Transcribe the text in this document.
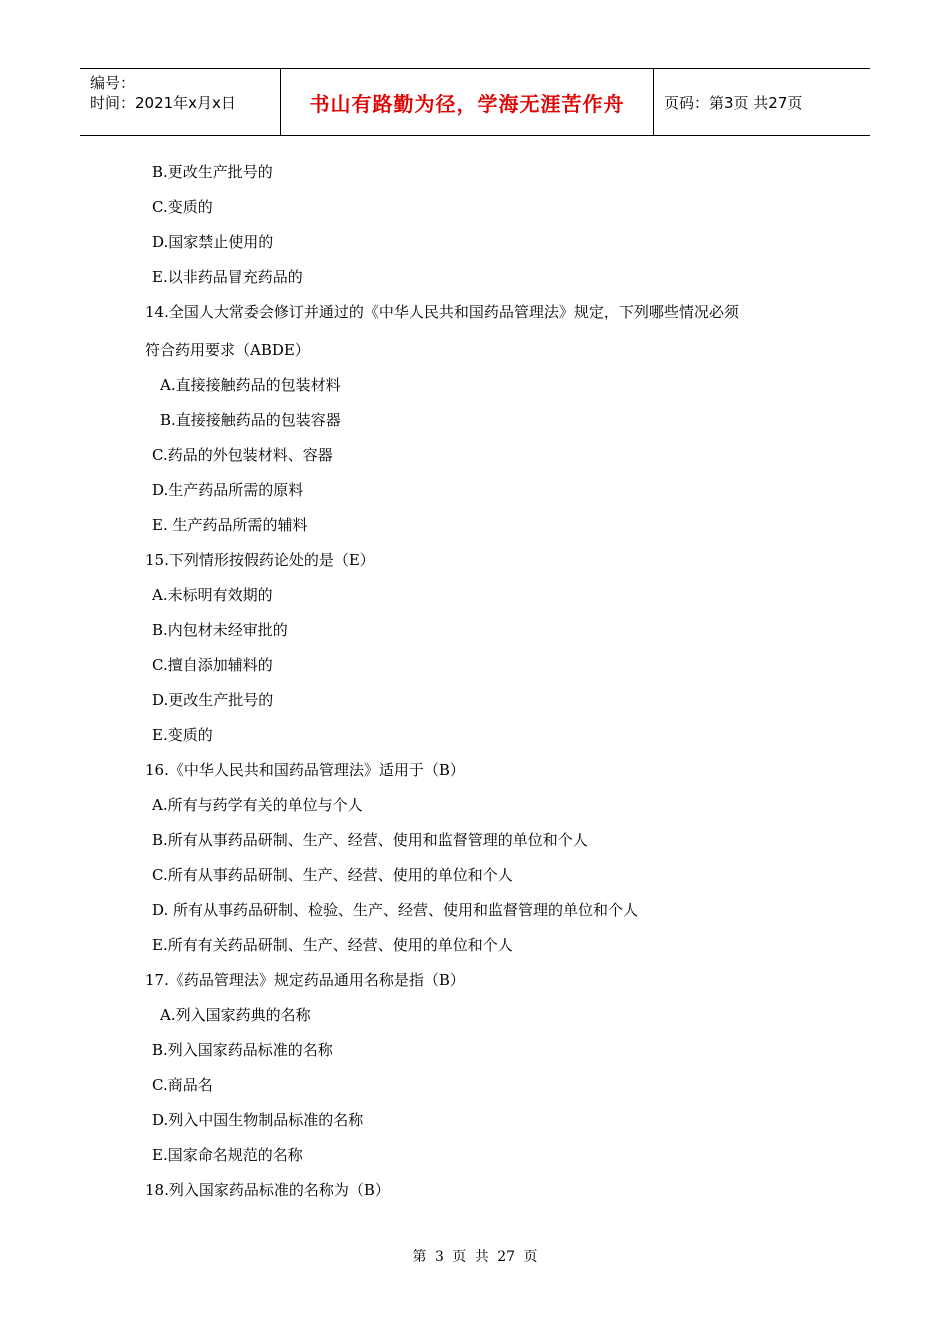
编号：
时间：2021年x月x日	书山有路勤为径，学海无涯苦作舟	页码：第3页 共27页
B.更改生产批号的
C.变质的
D.国家禁止使用的
E.以非药品冒充药品的
14.全国人大常委会修订并通过的《中华人民共和国药品管理法》规定，下列哪些情况必须
符合药用要求（ABDE）
A.直接接触药品的包装材料
B.直接接触药品的包装容器
C.药品的外包装材料、容器
D.生产药品所需的原料
E. 生产药品所需的辅料
15.下列情形按假药论处的是（E）
A.未标明有效期的
B.内包材未经审批的
C.擅自添加辅料的
D.更改生产批号的
E.变质的
16.《中华人民共和国药品管理法》适用于（B）
A.所有与药学有关的单位与个人
B.所有从事药品研制、生产、经营、使用和监督管理的单位和个人
C.所有从事药品研制、生产、经营、使用的单位和个人
D. 所有从事药品研制、检验、生产、经营、使用和监督管理的单位和个人
E.所有有关药品研制、生产、经营、使用的单位和个人
17.《药品管理法》规定药品通用名称是指（B）
A.列入国家药典的名称
B.列入国家药品标准的名称
C.商品名
D.列入中国生物制品标准的名称
E.国家命名规范的名称
18.列入国家药品标准的名称为（B）
第 3 页 共 27 页
